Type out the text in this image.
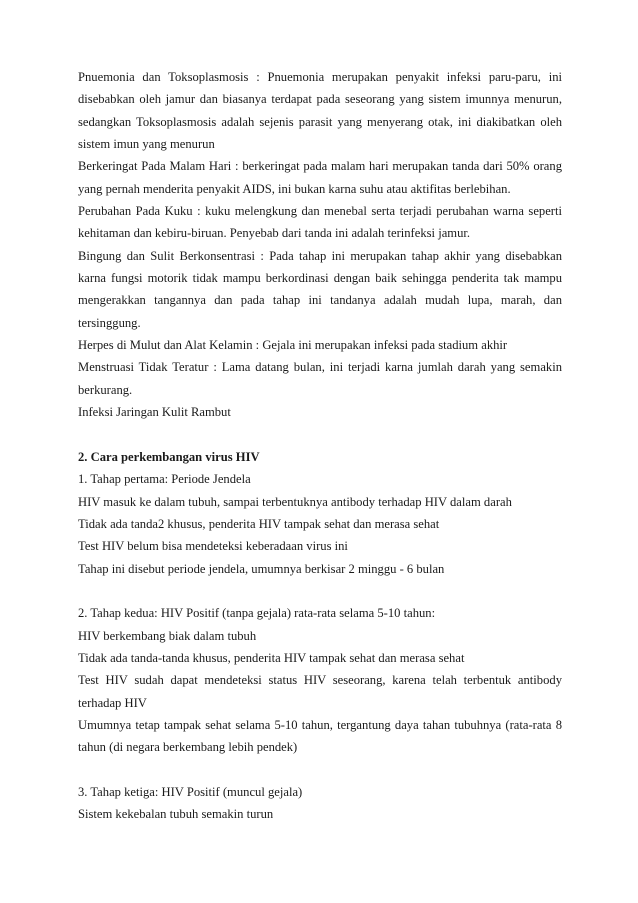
Pnuemonia dan Toksoplasmosis : Pnuemonia merupakan penyakit infeksi paru-paru, ini disebabkan oleh jamur dan biasanya terdapat pada seseorang yang sistem imunnya menurun, sedangkan Toksoplasmosis adalah sejenis parasit yang menyerang otak, ini diakibatkan oleh sistem imun yang menurun

Berkeringat Pada Malam Hari : berkeringat pada malam hari merupakan tanda dari 50% orang yang pernah menderita penyakit AIDS, ini bukan karna suhu atau aktifitas berlebihan.

Perubahan Pada Kuku : kuku melengkung dan menebal serta terjadi perubahan warna seperti kehitaman dan kebiru-biruan. Penyebab dari tanda ini adalah terinfeksi jamur.

Bingung dan Sulit Berkonsentrasi : Pada tahap ini merupakan tahap akhir yang disebabkan karna fungsi motorik tidak mampu berkordinasi dengan baik sehingga penderita tak mampu mengerakkan tangannya dan pada tahap ini tandanya adalah mudah lupa, marah, dan tersinggung.

Herpes di Mulut dan Alat Kelamin : Gejala ini merupakan infeksi pada stadium akhir

Menstruasi Tidak Teratur : Lama datang bulan, ini terjadi karna jumlah darah yang semakin berkurang.

Infeksi Jaringan Kulit Rambut

2. Cara perkembangan virus HIV

1. Tahap pertama: Periode Jendela

HIV masuk ke dalam tubuh, sampai terbentuknya antibody terhadap HIV dalam darah

Tidak ada tanda2 khusus, penderita HIV tampak sehat dan merasa sehat

Test HIV belum bisa mendeteksi keberadaan virus ini

Tahap ini disebut periode jendela, umumnya berkisar 2 minggu - 6 bulan

2. Tahap kedua: HIV Positif (tanpa gejala) rata-rata selama 5-10 tahun:

HIV berkembang biak dalam tubuh

Tidak ada tanda-tanda khusus, penderita HIV tampak sehat dan merasa sehat

Test HIV sudah dapat mendeteksi status HIV seseorang, karena telah terbentuk antibody terhadap HIV

Umumnya tetap tampak sehat selama 5-10 tahun, tergantung daya tahan tubuhnya (rata-rata 8 tahun (di negara berkembang lebih pendek)

3. Tahap ketiga: HIV Positif (muncul gejala)

Sistem kekebalan tubuh semakin turun
